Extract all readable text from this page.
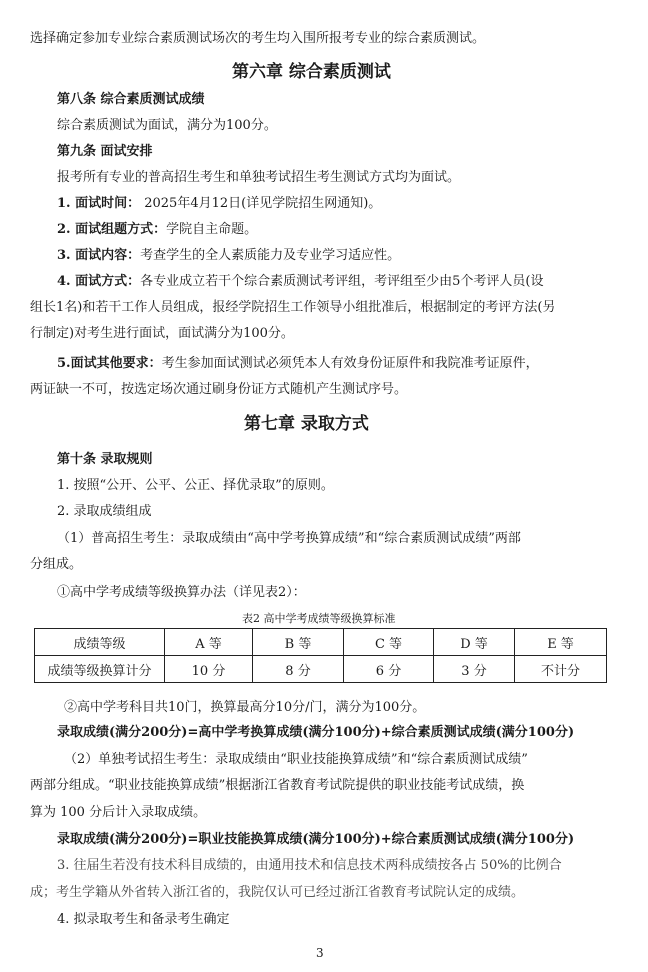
选择确定参加专业综合素质测试场次的考生均入围所报考专业的综合素质测试。
第六章 综合素质测试
第八条 综合素质测试成绩
综合素质测试为面试，满分为100分。
第九条 面试安排
报考所有专业的普高招生考生和单独考试招生考生测试方式均为面试。
1. 面试时间： 2025年4月12日(详见学院招生网通知)。
2. 面试组题方式：学院自主命题。
3. 面试内容：考查学生的全人素质能力及专业学习适应性。
4. 面试方式：各专业成立若干个综合素质测试考评组，考评组至少由5个考评人员(设
组长1名)和若干工作人员组成，报经学院招生工作领导小组批准后，根据制定的考评方法(另
行制定)对考生进行面试，面试满分为100分。
5.面试其他要求：考生参加面试测试必须凭本人有效身份证原件和我院准考证原件，
两证缺一不可，按选定场次通过刷身份证方式随机产生测试序号。
第七章 录取方式
第十条 录取规则
1. 按照“公开、公平、公正、择优录取”的原则。
2. 录取成绩组成
（1）普高招生考生：录取成绩由“高中学考换算成绩”和“综合素质测试成绩”两部
分组成。
①高中学考成绩等级换算办法（详见表2）：
表2 高中学考成绩等级换算标准
成绩等级	A 等	B 等	C 等	D 等	E 等
成绩等级换算计分	10 分	8 分	6 分	3 分	不计分
②高中学考科目共10门，换算最高分10分/门，满分为100分。
录取成绩(满分200分)=高中学考换算成绩(满分100分)+综合素质测试成绩(满分100分)
（2）单独考试招生考生：录取成绩由“职业技能换算成绩”和“综合素质测试成绩”
两部分组成。“职业技能换算成绩”根据浙江省教育考试院提供的职业技能考试成绩，换
算为 100 分后计入录取成绩。
录取成绩(满分200分)=职业技能换算成绩(满分100分)+综合素质测试成绩(满分100分)
3. 往届生若没有技术科目成绩的，由通用技术和信息技术两科成绩按各占 50%的比例合
成；考生学籍从外省转入浙江省的，我院仅认可已经过浙江省教育考试院认定的成绩。
4. 拟录取考生和备录考生确定
3
